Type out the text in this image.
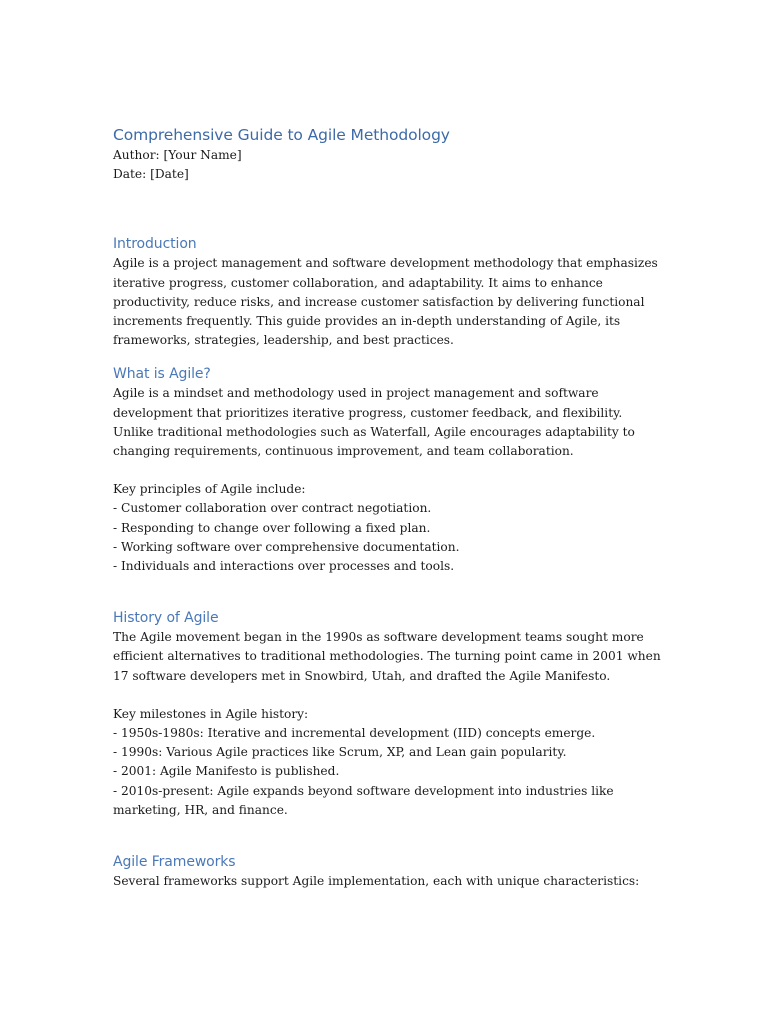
Comprehensive Guide to Agile Methodology

Author: [Your Name]

Date: [Date]

Introduction

Agile is a project management and software development methodology that emphasizes iterative progress, customer collaboration, and adaptability. It aims to enhance productivity, reduce risks, and increase customer satisfaction by delivering functional increments frequently. This guide provides an in-depth understanding of Agile, its frameworks, strategies, leadership, and best practices.

What is Agile?

Agile is a mindset and methodology used in project management and software development that prioritizes iterative progress, customer feedback, and flexibility. Unlike traditional methodologies such as Waterfall, Agile encourages adaptability to changing requirements, continuous improvement, and team collaboration.

Key principles of Agile include:

- Customer collaboration over contract negotiation.

- Responding to change over following a fixed plan.

- Working software over comprehensive documentation.

- Individuals and interactions over processes and tools.

History of Agile

The Agile movement began in the 1990s as software development teams sought more efficient alternatives to traditional methodologies. The turning point came in 2001 when 17 software developers met in Snowbird, Utah, and drafted the Agile Manifesto.

Key milestones in Agile history:

- 1950s-1980s: Iterative and incremental development (IID) concepts emerge.

- 1990s: Various Agile practices like Scrum, XP, and Lean gain popularity.

- 2001: Agile Manifesto is published.

- 2010s-present: Agile expands beyond software development into industries like marketing, HR, and finance.

Agile Frameworks

Several frameworks support Agile implementation, each with unique characteristics:
